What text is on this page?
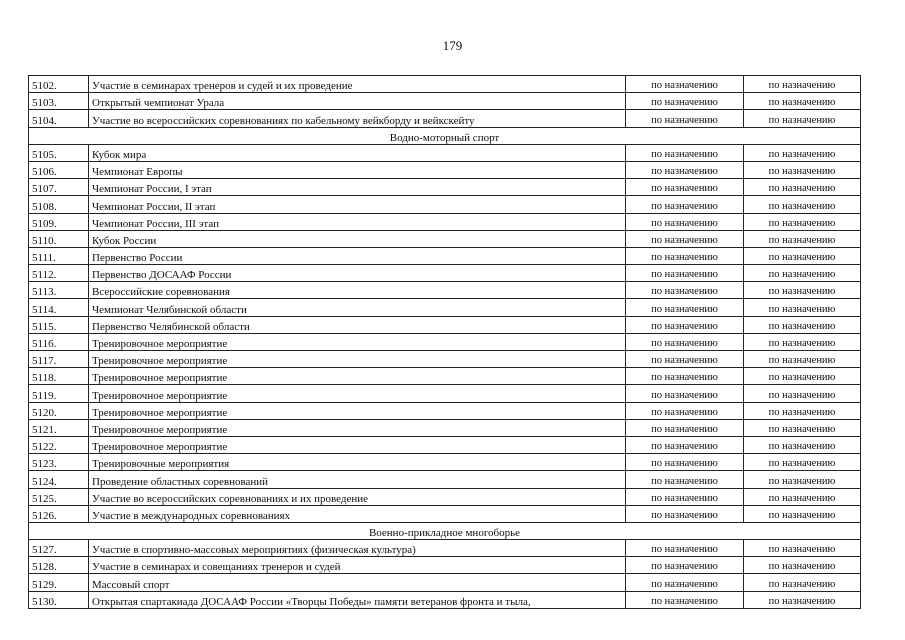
179
5102.	Участие в семинарах тренеров и судей и их проведение	по назначению	по назначению
5103.	Открытый чемпионат Урала	по назначению	по назначению
5104.	Участие во всероссийских соревнованиях по кабельному вейкборду и вейкскейту	по назначению	по назначению
Водно-моторный спорт			
5105.	Кубок мира	по назначению	по назначению
5106.	Чемпионат Европы	по назначению	по назначению
5107.	Чемпионат России, I этап	по назначению	по назначению
5108.	Чемпионат России, II этап	по назначению	по назначению
5109.	Чемпионат России, III этап	по назначению	по назначению
5110.	Кубок России	по назначению	по назначению
5111.	Первенство России	по назначению	по назначению
5112.	Первенство ДОСААФ России	по назначению	по назначению
5113.	Всероссийские соревнования	по назначению	по назначению
5114.	Чемпионат Челябинской области	по назначению	по назначению
5115.	Первенство Челябинской области	по назначению	по назначению
5116.	Тренировочное мероприятие	по назначению	по назначению
5117.	Тренировочное мероприятие	по назначению	по назначению
5118.	Тренировочное мероприятие	по назначению	по назначению
5119.	Тренировочное мероприятие	по назначению	по назначению
5120.	Тренировочное мероприятие	по назначению	по назначению
5121.	Тренировочное мероприятие	по назначению	по назначению
5122.	Тренировочное мероприятие	по назначению	по назначению
5123.	Тренировочные мероприятия	по назначению	по назначению
5124.	Проведение областных соревнований	по назначению	по назначению
5125.	Участие во всероссийских соревнованиях и их проведение	по назначению	по назначению
5126.	Участие в международных соревнованиях	по назначению	по назначению
Военно-прикладное многоборье			
5127.	Участие в спортивно-массовых мероприятиях (физическая культура)	по назначению	по назначению
5128.	Участие в семинарах и совещаниях тренеров и судей	по назначению	по назначению
5129.	Массовый спорт	по назначению	по назначению
5130.	Открытая спартакиада ДОСААФ России «Творцы Победы» памяти ветеранов фронта и тыла,	по назначению	по назначению
